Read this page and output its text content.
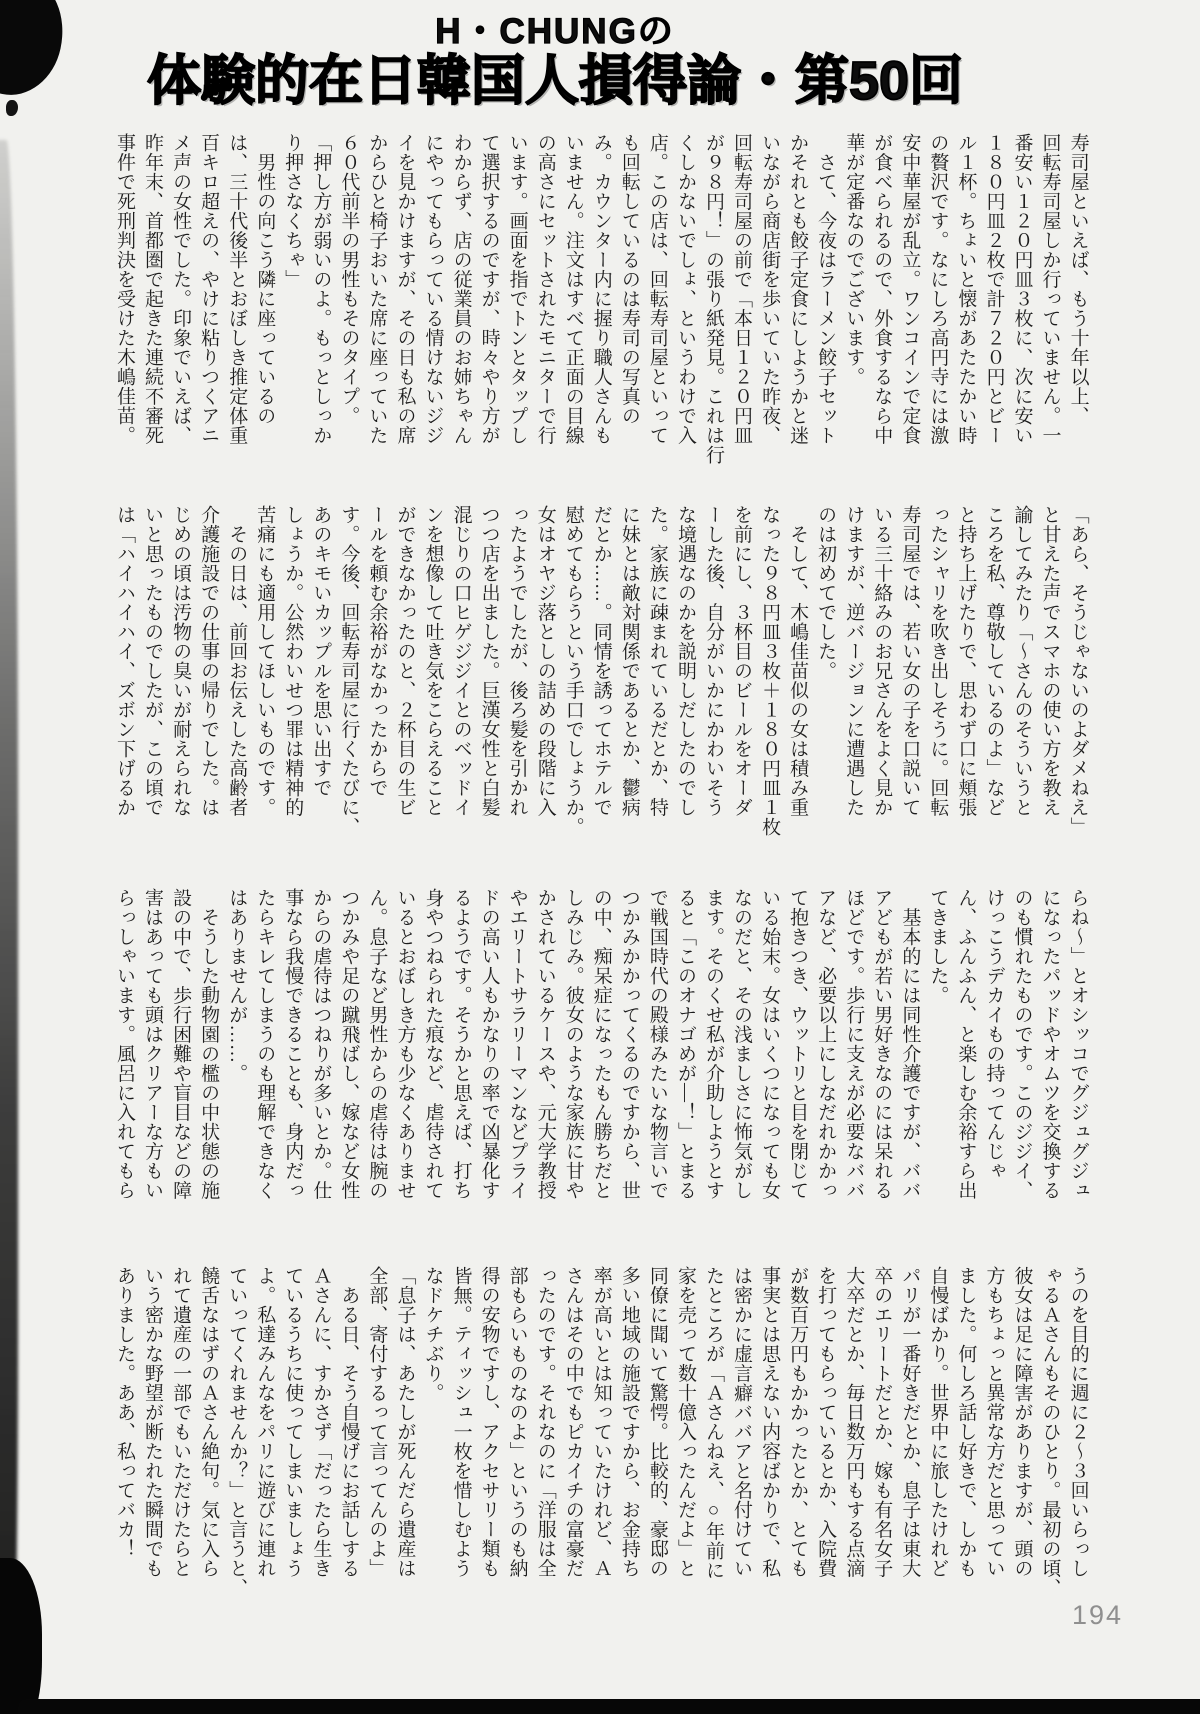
H・CHUNGの
体験的在日韓国人損得論・第50回
寿司屋といえば、もう十年以上、
回転寿司屋しか行っていません。一
番安い１２０円皿３枚に、次に安い
１８０円皿２枚で計７２０円とビー
ル１杯。ちょいと懐があたたかい時
の贅沢です。なにしろ高円寺には激
安中華屋が乱立。ワンコインで定食
が食べられるので、外食するなら中
華が定番なのでございます。
　さて、今夜はラーメン餃子セット
かそれとも餃子定食にしようかと迷
いながら商店街を歩いていた昨夜、
回転寿司屋の前で「本日１２０円皿
が９８円！」の張り紙発見。これは行
くしかないでしょ、というわけで入
店。この店は、回転寿司屋といって
も回転しているのは寿司の写真の
み。カウンター内に握り職人さんも
いません。注文はすべて正面の目線
の高さにセットされたモニターで行
います。画面を指でトンとタップし
て選択するのですが、時々やり方が
わからず、店の従業員のお姉ちゃん
にやってもらっている情けないジジ
イを見かけますが、その日も私の席
からひと椅子おいた席に座っていた
６０代前半の男性もそのタイプ。
「押し方が弱いのよ。もっとしっか
り押さなくちゃ」
　男性の向こう隣に座っているの
は、三十代後半とおぼしき推定体重
百キロ超えの、やけに粘りつくアニ
メ声の女性でした。印象でいえば、
昨年末、首都圏で起きた連続不審死
事件で死刑判決を受けた木嶋佳苗。
「あら、そうじゃないのよダメねえ」
と甘えた声でスマホの使い方を教え
諭してみたり「～さんのそういうと
ころを私、尊敬しているのよ」など
と持ち上げたりで、思わず口に頬張
ったシャリを吹き出しそうに。回転
寿司屋では、若い女の子を口説いて
いる三十絡みのお兄さんをよく見か
けますが、逆バージョンに遭遇した
のは初めてでした。
　そして、木嶋佳苗似の女は積み重
なった９８円皿３枚＋１８０円皿１枚
を前にし、３杯目のビールをオーダ
ーした後、自分がいかにかわいそう
な境遇なのかを説明しだしたのでし
た。家族に疎まれているだとか、特
に妹とは敵対関係であるとか、鬱病
だとか……。同情を誘ってホテルで
慰めてもらうという手口でしょうか。
女はオヤジ落としの詰めの段階に入
ったようでしたが、後ろ髪を引かれ
つつ店を出ました。巨漢女性と白髪
混じりの口ヒゲジジイとのベッドイ
ンを想像して吐き気をこらえること
ができなかったのと、２杯目の生ビ
ールを頼む余裕がなかったからで
す。今後、回転寿司屋に行くたびに、
あのキモいカップルを思い出すで
しょうか。公然わいせつ罪は精神的
苦痛にも適用してほしいものです。
　その日は、前回お伝えした高齢者
介護施設での仕事の帰りでした。は
じめの頃は汚物の臭いが耐えられな
いと思ったものでしたが、この頃で
は「ハイハイハイ、ズボン下げるか
らね～」とオシッコでグジュグジュ
になったパッドやオムツを交換する
のも慣れたものです。このジジイ、
けっこうデカイもの持ってんじゃ
ん、ふんふん、と楽しむ余裕すら出
てきました。
　基本的には同性介護ですが、ババ
アどもが若い男好きなのには呆れる
ほどです。歩行に支えが必要なババ
アなど、必要以上にしなだれかかっ
て抱きつき、ウットリと目を閉じて
いる始末。女はいくつになっても女
なのだと、その浅ましさに怖気がし
ます。そのくせ私が介助しようとす
ると「このオナゴめが―！」とまる
で戦国時代の殿様みたいな物言いで
つかみかかってくるのですから、世
の中、痴呆症になったもん勝ちだと
しみじみ。彼女のような家族に甘や
かされているケースや、元大学教授
やエリートサラリーマンなどプライ
ドの高い人もかなりの率で凶暴化す
るようです。そうかと思えば、打ち
身やつねられた痕など、虐待されて
いるとおぼしき方も少なくありませ
ん。息子など男性からの虐待は腕の
つかみや足の蹴飛ばし、嫁など女性
からの虐待はつねりが多いとか。仕
事なら我慢できることも、身内だっ
たらキレてしまうのも理解できなく
はありませんが……。
　そうした動物園の檻の中状態の施
設の中で、歩行困難や盲目などの障
害はあっても頭はクリアーな方もい
らっしゃいます。風呂に入れてもら
うのを目的に週に２～３回いらっし
ゃるＡさんもそのひとり。最初の頃、
彼女は足に障害がありますが、頭の
方もちょっと異常な方だと思ってい
ました。何しろ話し好きで、しかも
自慢ばかり。世界中に旅したけれど
パリが一番好きだとか、息子は東大
卒のエリートだとか、嫁も有名女子
大卒だとか、毎日数万円もする点滴
を打ってもらっているとか、入院費
が数百万円もかかったとか、とても
事実とは思えない内容ばかりで、私
は密かに虚言癖ババアと名付けてい
たところが「Ａさんねえ、○年前に
家を売って数十億入ったんだよ」と
同僚に聞いて驚愕。比較的、豪邸の
多い地域の施設ですから、お金持ち
率が高いとは知っていたけれど、Ａ
さんはその中でもピカイチの富豪だ
ったのです。それなのに「洋服は全
部もらいものなのよ」というのも納
得の安物ですし、アクセサリー類も
皆無。ティッシュ一枚を惜しむよう
なドケチぶり。
「息子は、あたしが死んだら遺産は
全部、寄付するって言ってんのよ」
　ある日、そう自慢げにお話しする
Ａさんに、すかさず「だったら生き
ているうちに使ってしまいましょう
よ。私達みんなをパリに遊びに連れ
ていってくれませんか？」と言うと、
饒舌なはずのＡさん絶句。気に入ら
れて遺産の一部でもいただけたらと
いう密かな野望が断たれた瞬間でも
ありました。ああ、私ってバカ！
194
